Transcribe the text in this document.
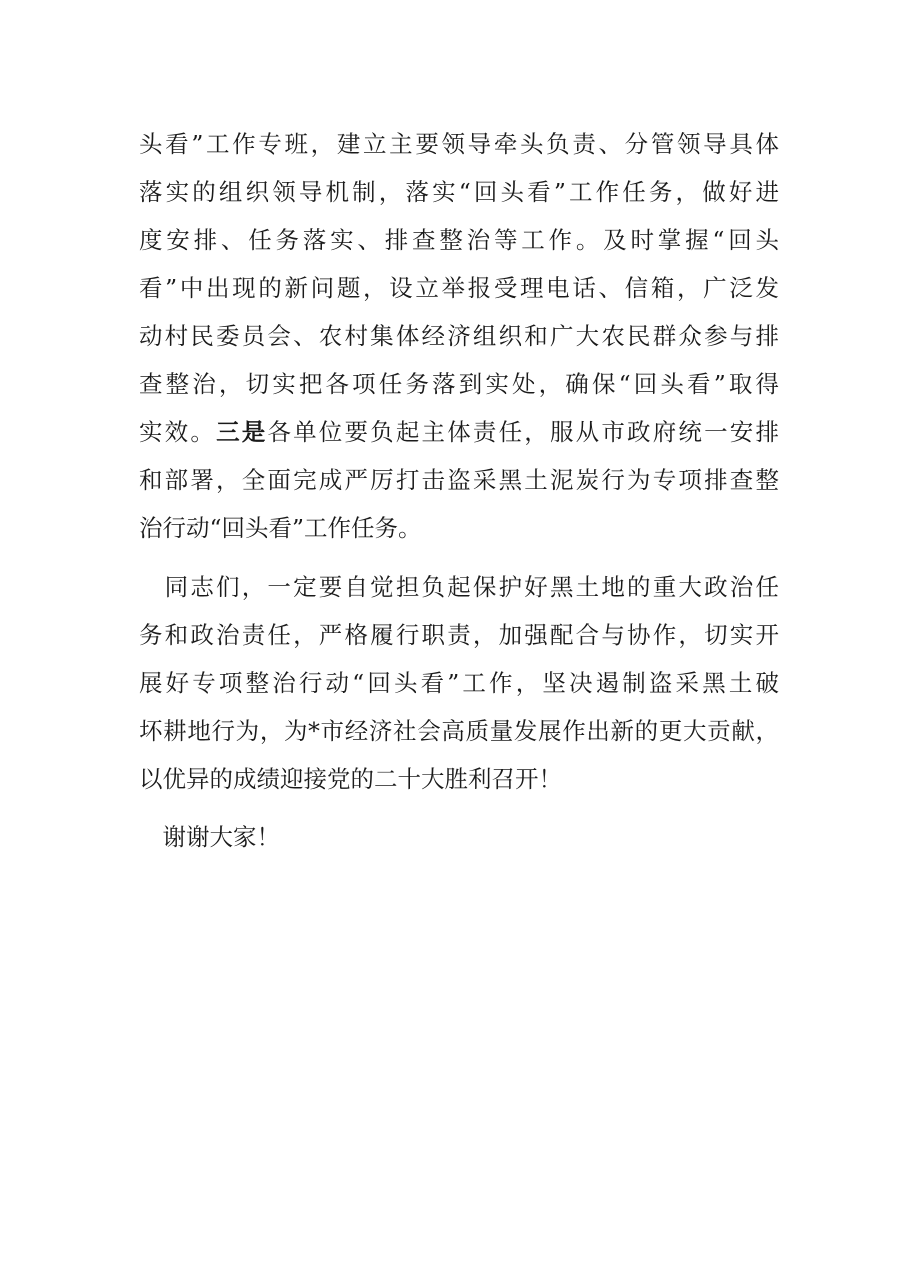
头看”工作专班，建立主要领导牵头负责、分管领导具体
落实的组织领导机制，落实“回头看”工作任务，做好进
度安排、任务落实、排查整治等工作。及时掌握“回头
看”中出现的新问题，设立举报受理电话、信箱，广泛发
动村民委员会、农村集体经济组织和广大农民群众参与排
查整治，切实把各项任务落到实处，确保“回头看”取得
实效。三是各单位要负起主体责任，服从市政府统一安排
和部署，全面完成严厉打击盗采黑土泥炭行为专项排查整
治行动“回头看”工作任务。
　同志们，一定要自觉担负起保护好黑土地的重大政治任
务和政治责任，严格履行职责，加强配合与协作，切实开
展好专项整治行动“回头看”工作，坚决遏制盗采黑土破
坏耕地行为，为*市经济社会高质量发展作出新的更大贡献，
以优异的成绩迎接党的二十大胜利召开！
　谢谢大家！
